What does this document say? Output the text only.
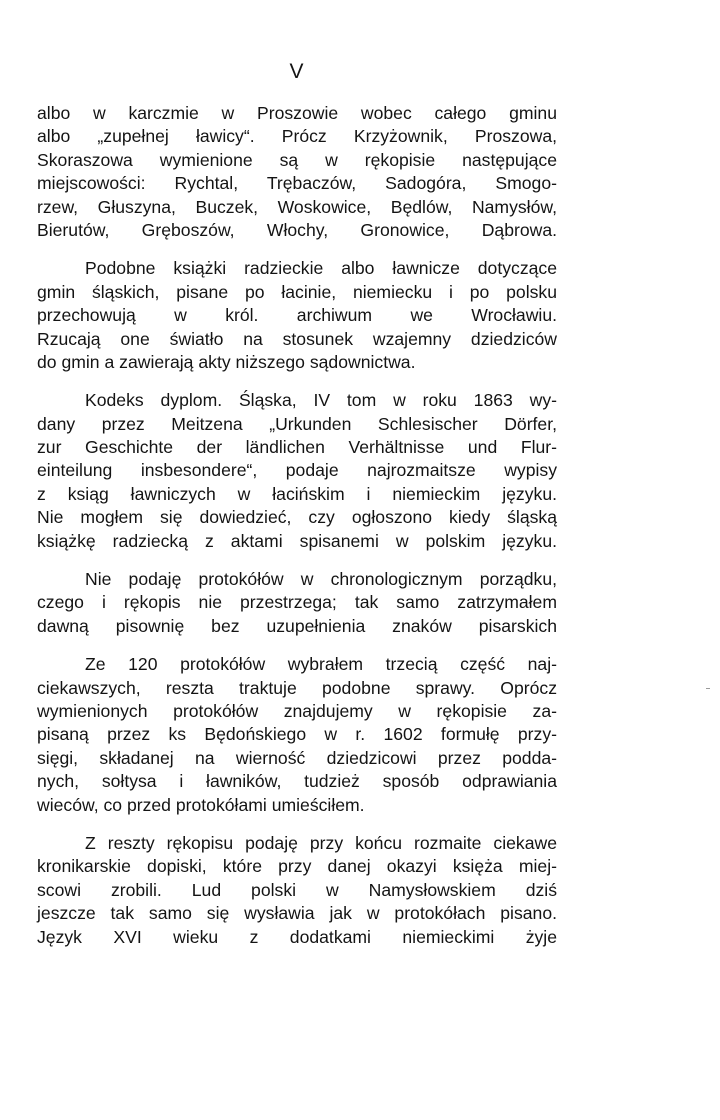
V
albo w karczmie w Proszowie wobec całego gminu
albo „zupełnej ławicy“. Prócz Krzyżownik, Proszowa,
Skoraszowa wymienione są w rękopisie następujące
miejscowości: Rychtal, Trębaczów, Sadogóra, Smogo-
rzew, Głuszyna, Buczek, Woskowice, Będlów, Namysłów,
Bierutów, Gręboszów, Włochy, Gronowice, Dąbrowa.
Podobne książki radzieckie albo ławnicze dotyczące
gmin śląskich, pisane po łacinie, niemiecku i po polsku
przechowują w król. archiwum we Wrocławiu.
Rzucają one światło na stosunek wzajemny dziedziców
do gmin a zawierają akty niższego sądownictwa.
Kodeks dyplom. Śląska, IV tom w roku 1863 wy-
dany przez Meitzena „Urkunden Schlesischer Dörfer,
zur Geschichte der ländlichen Verhältnisse und Flur-
einteilung insbesondere“, podaje najrozmaitsze wypisy
z ksiąg ławniczych w łacińskim i niemieckim języku.
Nie mogłem się dowiedzieć, czy ogłoszono kiedy śląską
książkę radziecką z aktami spisanemi w polskim języku.
Nie podaję protokółów w chronologicznym porządku,
czego i rękopis nie przestrzega; tak samo zatrzymałem
dawną pisownię bez uzupełnienia znaków pisarskich
Ze 120 protokółów wybrałem trzecią część naj-
ciekawszych, reszta traktuje podobne sprawy. Oprócz
wymienionych protokółów znajdujemy w rękopisie za-
pisaną przez ks Będońskiego w r. 1602 formułę przy-
sięgi, składanej na wierność dziedzicowi przez podda-
nych, sołtysa i ławników, tudzież sposób odprawiania
wieców, co przed protokółami umieściłem.
Z reszty rękopisu podaję przy końcu rozmaite ciekawe
kronikarskie dopiski, które przy danej okazyi księża miej-
scowi zrobili. Lud polski w Namysłowskiem dziś
jeszcze tak samo się wysławia jak w protokółach pisano.
Język XVI wieku z dodatkami niemieckimi żyje
